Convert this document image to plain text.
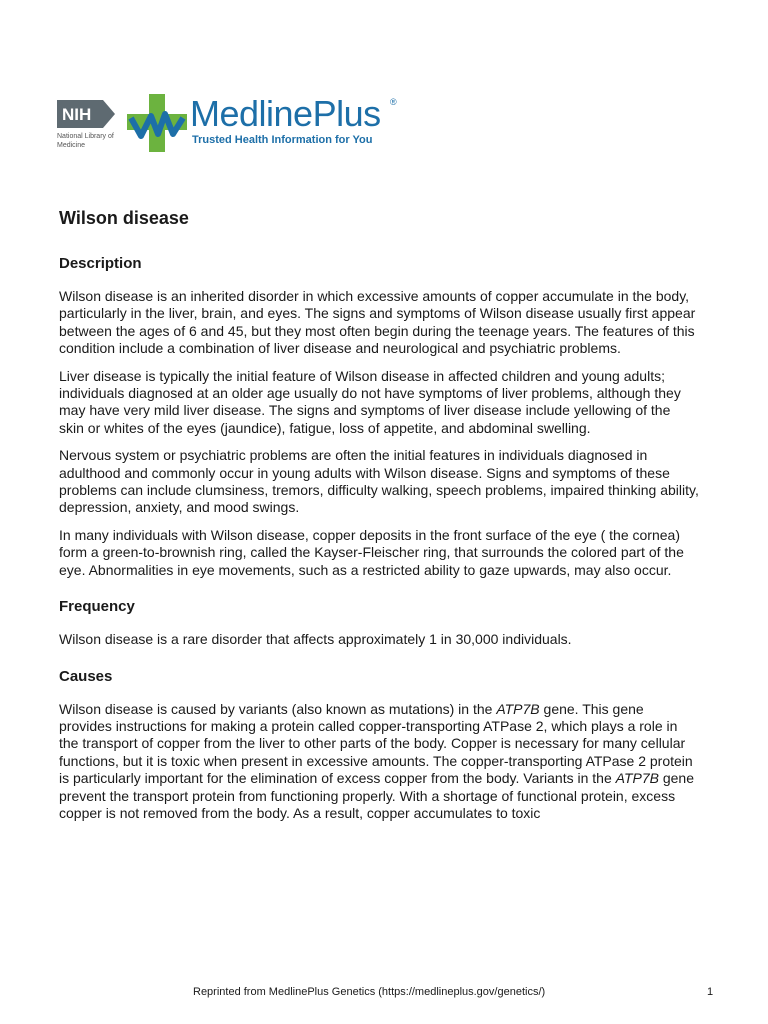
NIH
National Library of Medicine
MedlinePlus ®
Trusted Health Information for You
Wilson disease
Description

Wilson disease is an inherited disorder in which excessive amounts of copper accumulate in the body, particularly in the liver, brain, and eyes. The signs and symptoms of Wilson disease usually first appear between the ages of 6 and 45, but they most often begin during the teenage years. The features of this condition include a combination of liver disease and neurological and psychiatric problems.

Liver disease is typically the initial feature of Wilson disease in affected children and young adults; individuals diagnosed at an older age usually do not have symptoms of liver problems, although they may have very mild liver disease. The signs and symptoms of liver disease include yellowing of the skin or whites of the eyes (jaundice), fatigue, loss of appetite, and abdominal swelling.

Nervous system or psychiatric problems are often the initial features in individuals diagnosed in adulthood and commonly occur in young adults with Wilson disease. Signs and symptoms of these problems can include clumsiness, tremors, difficulty walking, speech problems, impaired thinking ability, depression, anxiety, and mood swings.

In many individuals with Wilson disease, copper deposits in the front surface of the eye ( the cornea) form a green-to-brownish ring, called the Kayser-Fleischer ring, that surrounds the colored part of the eye. Abnormalities in eye movements, such as a restricted ability to gaze upwards, may also occur.

Frequency

Wilson disease is a rare disorder that affects approximately 1 in 30,000 individuals.

Causes

Wilson disease is caused by variants (also known as mutations) in the ATP7B gene. This gene provides instructions for making a protein called copper-transporting ATPase 2, which plays a role in the transport of copper from the liver to other parts of the body. Copper is necessary for many cellular functions, but it is toxic when present in excessive amounts. The copper-transporting ATPase 2 protein is particularly important for the elimination of excess copper from the body. Variants in the ATP7B gene prevent the transport protein from functioning properly. With a shortage of functional protein, excess copper is not removed from the body. As a result, copper accumulates to toxic

Reprinted from MedlinePlus Genetics (https://medlineplus.gov/genetics/)	1
